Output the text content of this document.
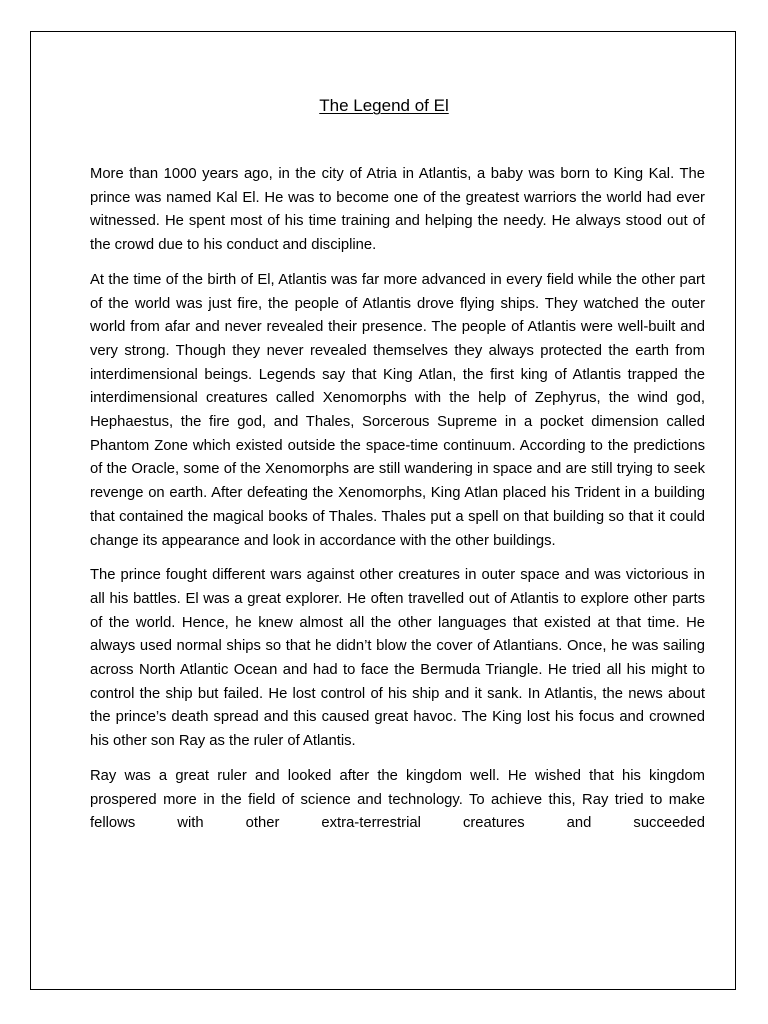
The Legend of El

More than 1000 years ago, in the city of Atria in Atlantis, a baby was born to King Kal. The prince was named Kal El. He was to become one of the greatest warriors the world had ever witnessed. He spent most of his time training and helping the needy. He always stood out of the crowd due to his conduct and discipline.

At the time of the birth of El, Atlantis was far more advanced in every field while the other part of the world was just fire, the people of Atlantis drove flying ships. They watched the outer world from afar and never revealed their presence. The people of Atlantis were well-built and very strong. Though they never revealed themselves they always protected the earth from interdimensional beings. Legends say that King Atlan, the first king of Atlantis trapped the interdimensional creatures called Xenomorphs with the help of Zephyrus, the wind god, Hephaestus, the fire god, and Thales, Sorcerous Supreme in a pocket dimension called Phantom Zone which existed outside the space-time continuum. According to the predictions of the Oracle, some of the Xenomorphs are still wandering in space and are still trying to seek revenge on earth. After defeating the Xenomorphs, King Atlan placed his Trident in a building that contained the magical books of Thales. Thales put a spell on that building so that it could change its appearance and look in accordance with the other buildings.

The prince fought different wars against other creatures in outer space and was victorious in all his battles. El was a great explorer. He often travelled out of Atlantis to explore other parts of the world. Hence, he knew almost all the other languages that existed at that time. He always used normal ships so that he didn’t blow the cover of Atlantians. Once, he was sailing across North Atlantic Ocean and had to face the Bermuda Triangle. He tried all his might to control the ship but failed. He lost control of his ship and it sank. In Atlantis, the news about the prince’s death spread and this caused great havoc. The King lost his focus and crowned his other son Ray as the ruler of Atlantis.

Ray was a great ruler and looked after the kingdom well. He wished that his kingdom prospered more in the field of science and technology. To achieve this, Ray tried to make fellows with other extra-terrestrial creatures and succeeded
